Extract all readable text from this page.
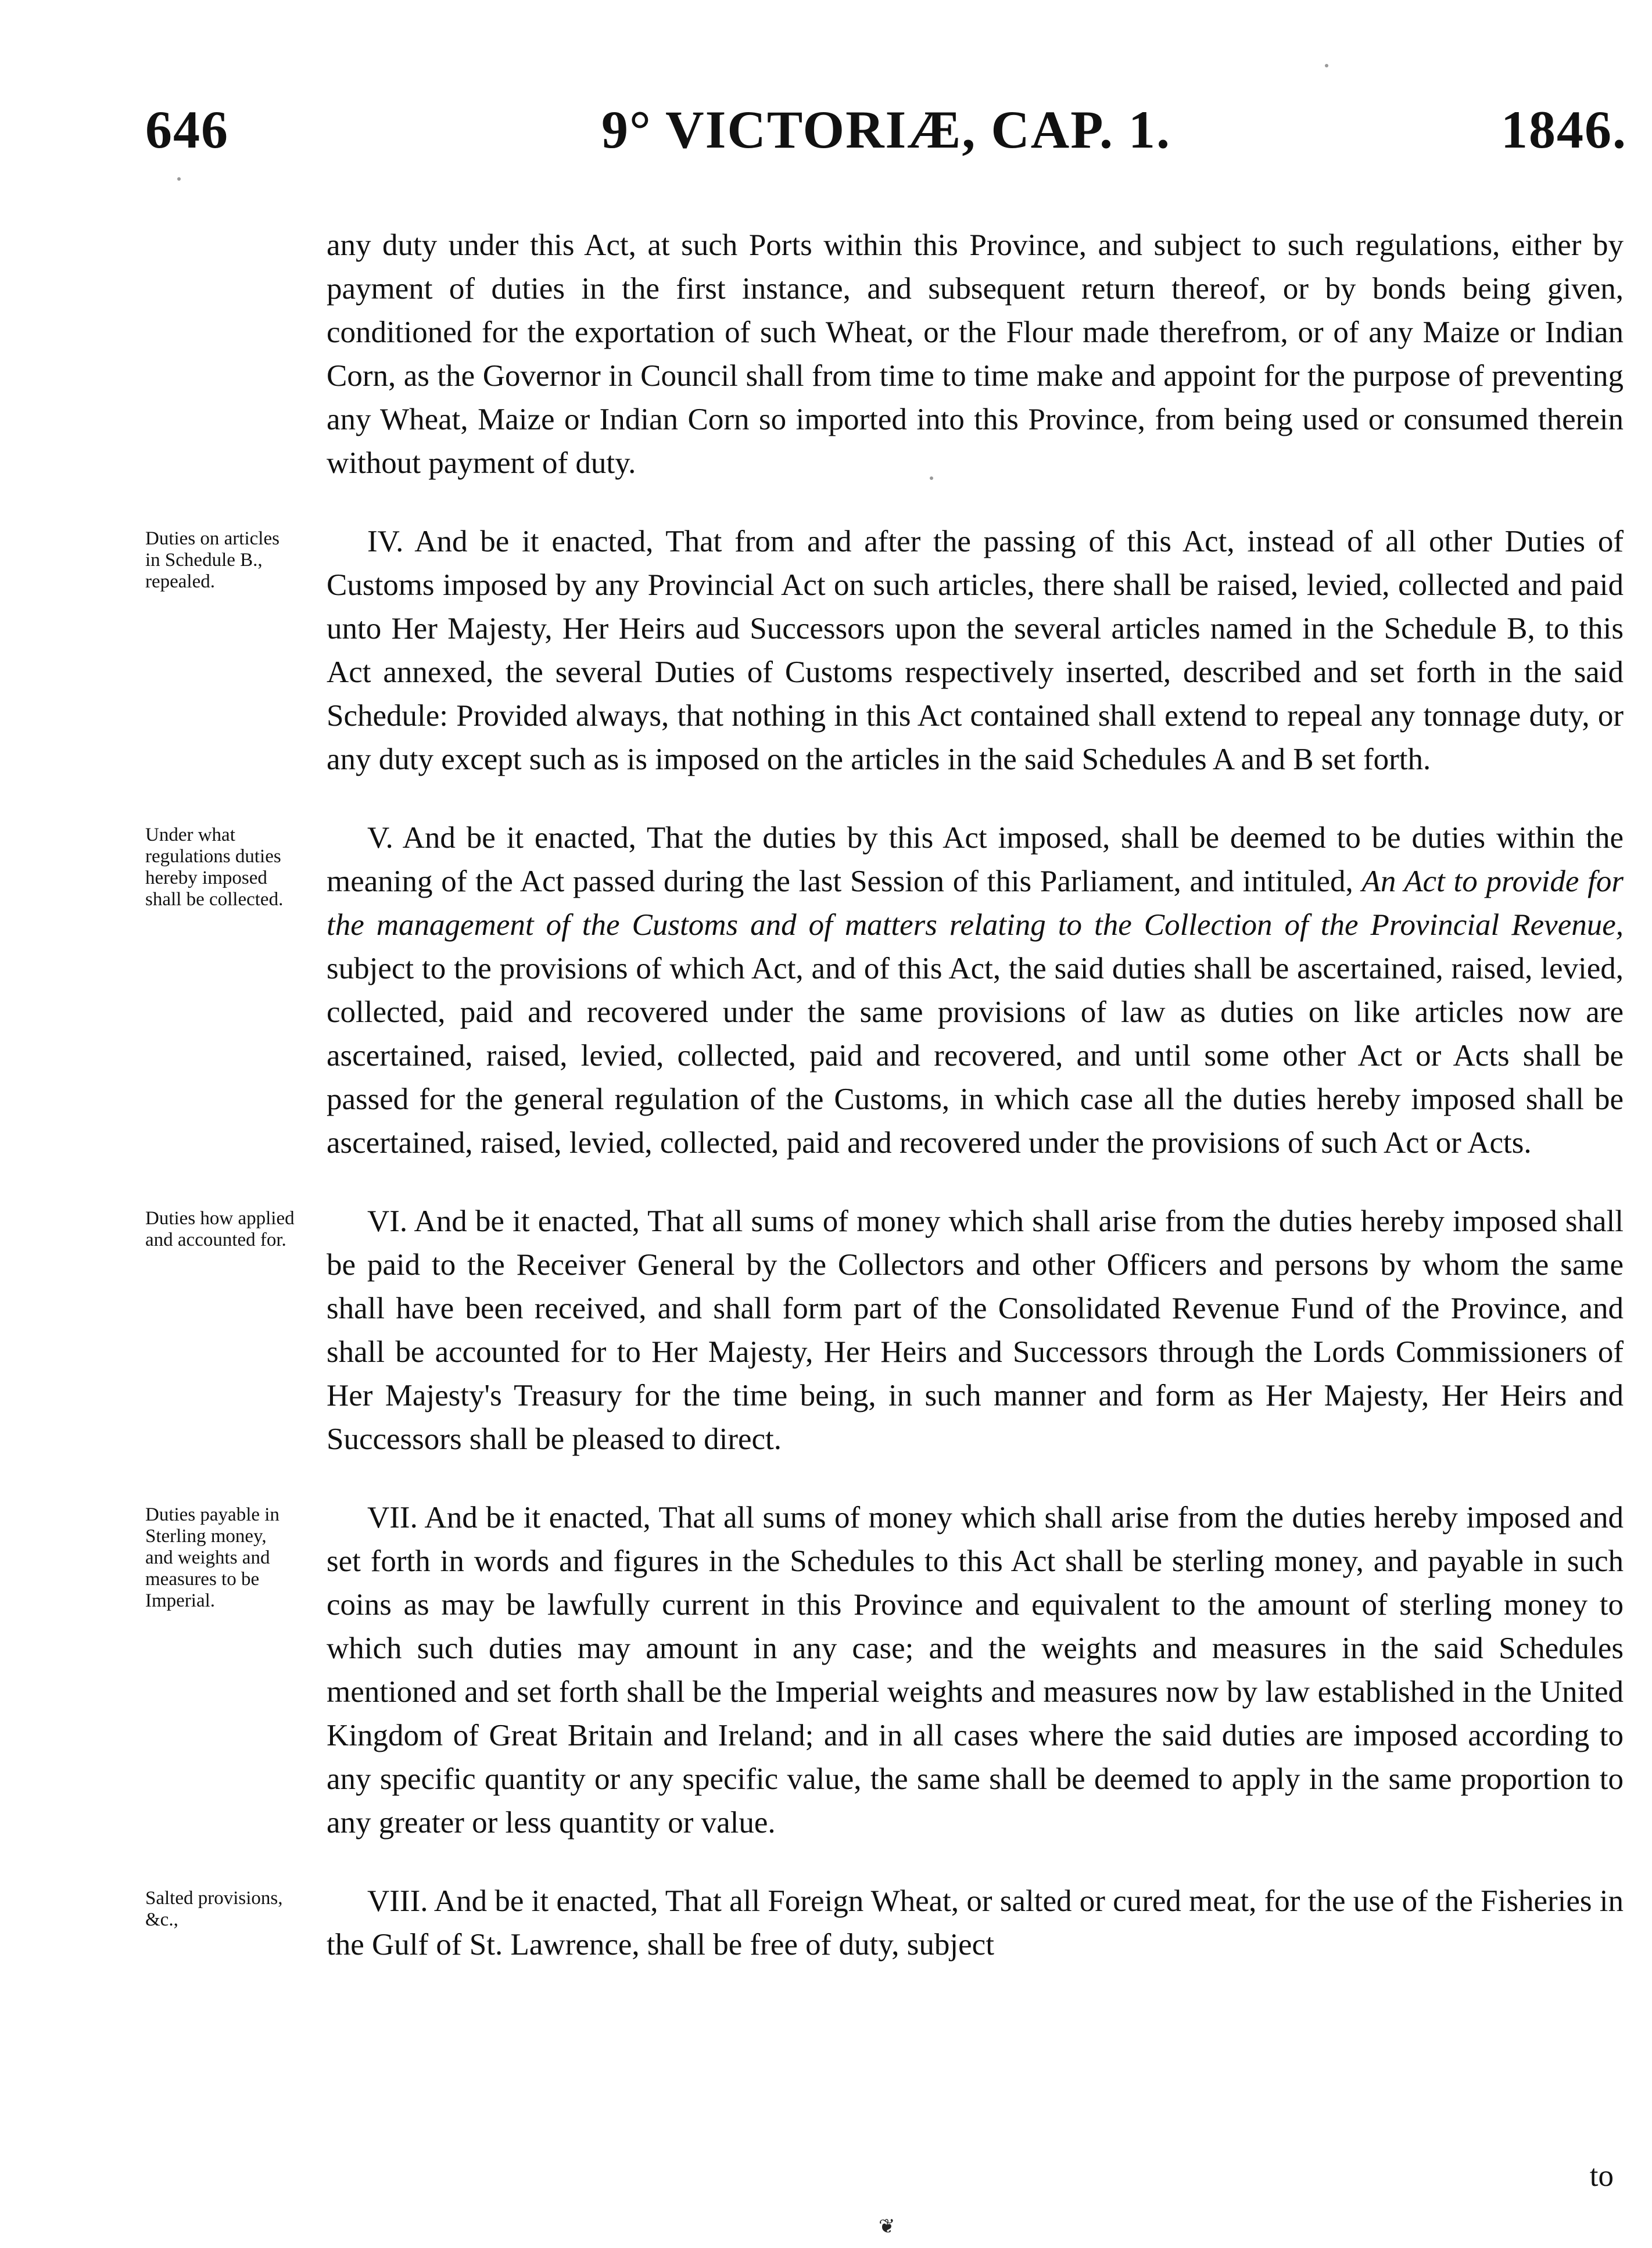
646	9° VICTORIÆ, CAP. 1.	1846.

any duty under this Act, at such Ports within this Province, and subject to such regulations, either by payment of duties in the first instance, and subsequent return thereof, or by bonds being given, conditioned for the exportation of such Wheat, or the Flour made therefrom, or of any Maize or Indian Corn, as the Governor in Council shall from time to time make and appoint for the purpose of preventing any Wheat, Maize or Indian Corn so imported into this Province, from being used or consumed therein without payment of duty.

Duties on articles in Schedule B., repealed.

IV. And be it enacted, That from and after the passing of this Act, instead of all other Duties of Customs imposed by any Provincial Act on such articles, there shall be raised, levied, collected and paid unto Her Majesty, Her Heirs aud Successors upon the several articles named in the Schedule B, to this Act annexed, the several Duties of Customs respectively inserted, described and set forth in the said Schedule: Provided always, that nothing in this Act contained shall extend to repeal any tonnage duty, or any duty except such as is imposed on the articles in the said Schedules A and B set forth.

Under what regulations duties hereby imposed shall be collected.

V. And be it enacted, That the duties by this Act imposed, shall be deemed to be duties within the meaning of the Act passed during the last Session of this Parliament, and intituled, An Act to provide for the management of the Customs and of matters relating to the Collection of the Provincial Revenue, subject to the provisions of which Act, and of this Act, the said duties shall be ascertained, raised, levied, collected, paid and recovered under the same provisions of law as duties on like articles now are ascertained, raised, levied, collected, paid and recovered, and until some other Act or Acts shall be passed for the general regulation of the Customs, in which case all the duties hereby imposed shall be ascertained, raised, levied, collected, paid and recovered under the provisions of such Act or Acts.

Duties how applied and accounted for.

VI. And be it enacted, That all sums of money which shall arise from the duties hereby imposed shall be paid to the Receiver General by the Collectors and other Officers and persons by whom the same shall have been received, and shall form part of the Consolidated Revenue Fund of the Province, and shall be accounted for to Her Majesty, Her Heirs and Successors through the Lords Commissioners of Her Majesty's Treasury for the time being, in such manner and form as Her Majesty, Her Heirs and Successors shall be pleased to direct.

Duties payable in Sterling money, and weights and measures to be Imperial.

VII. And be it enacted, That all sums of money which shall arise from the duties hereby imposed and set forth in words and figures in the Schedules to this Act shall be sterling money, and payable in such coins as may be lawfully current in this Province and equivalent to the amount of sterling money to which such duties may amount in any case; and the weights and measures in the said Schedules mentioned and set forth shall be the Imperial weights and measures now by law established in the United Kingdom of Great Britain and Ireland; and in all cases where the said duties are imposed according to any specific quantity or any specific value, the same shall be deemed to apply in the same proportion to any greater or less quantity or value.

Salted provisions, &c.,

VIII. And be it enacted, That all Foreign Wheat, or salted or cured meat, for the use of the Fisheries in the Gulf of St. Lawrence, shall be free of duty, subject

to
❦
